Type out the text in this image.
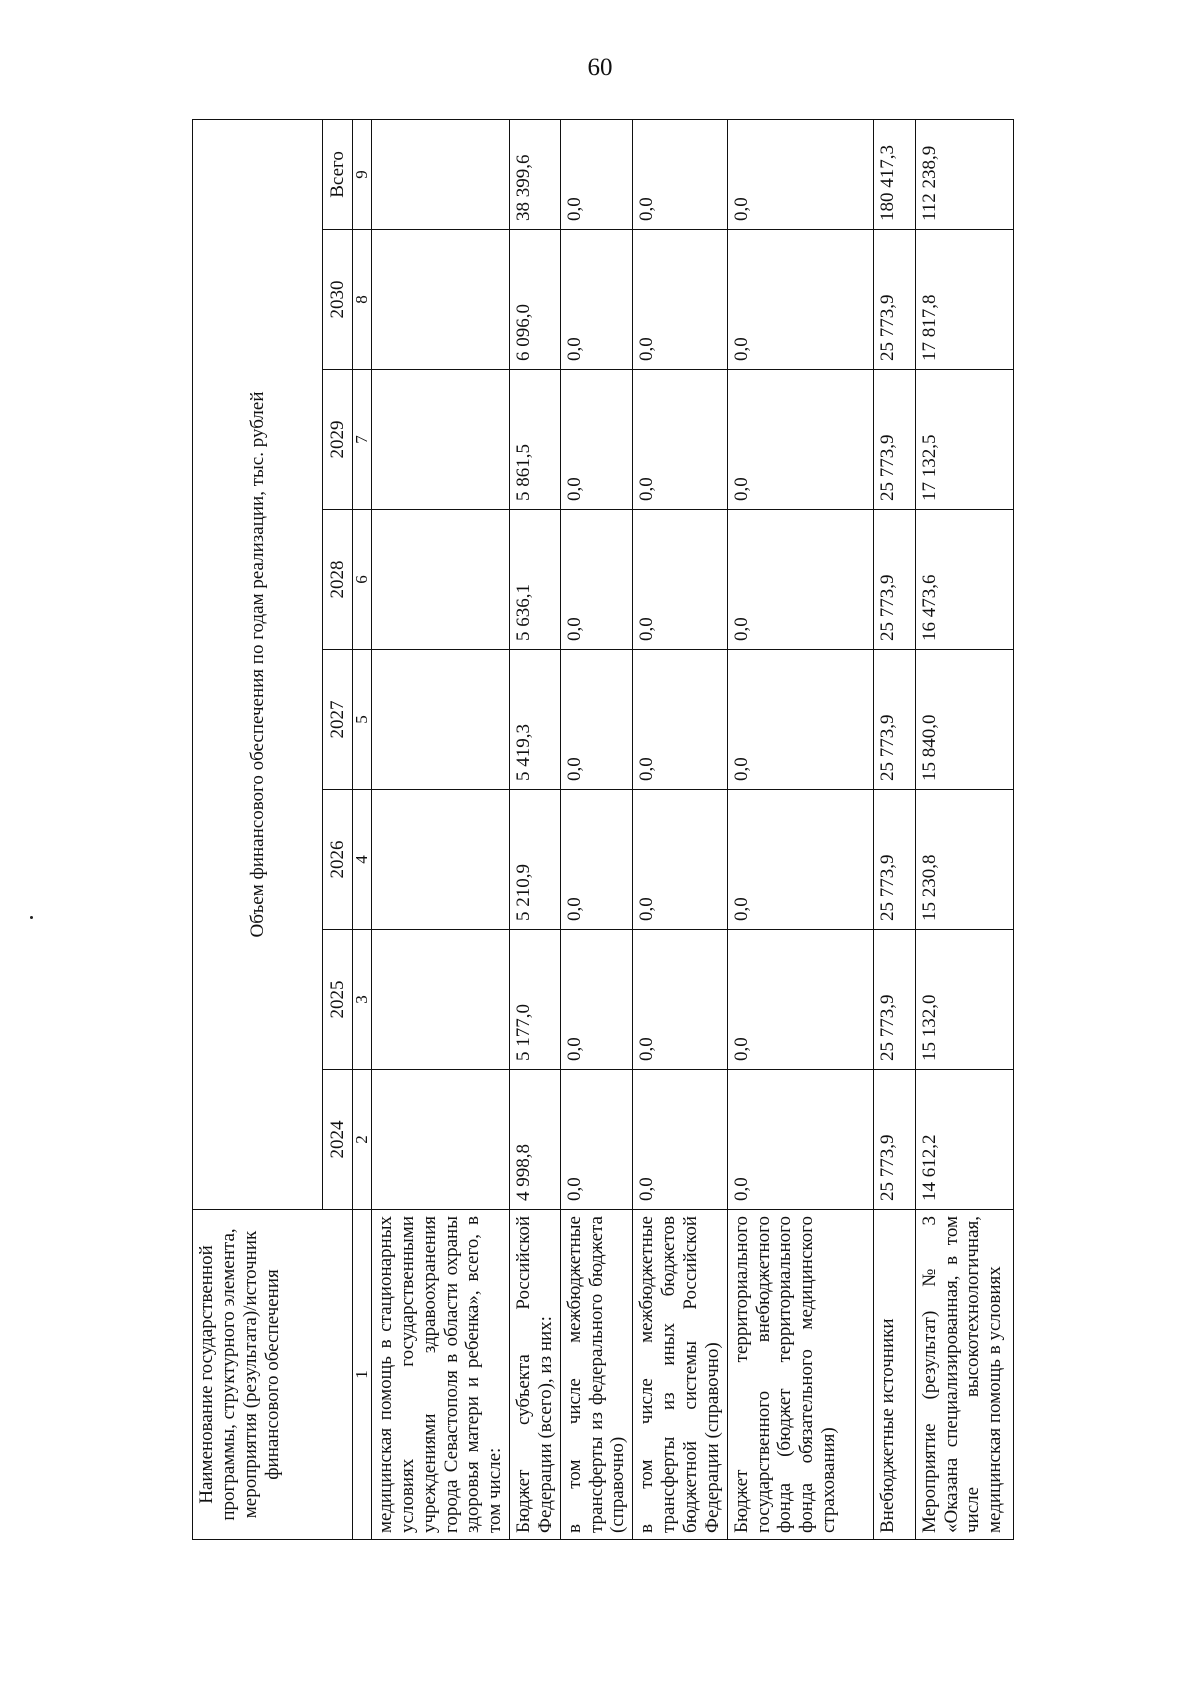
60
Наименование государственной программы, структурного элемента, мероприятия (результата)/источник финансового обеспечения	Объем финансового обеспечения по годам реализации, тыс. рублей							
	2024	2025	2026	2027	2028	2029	2030	Всего
1	2	3	4	5	6	7	8	9
медицинская помощь в стационарных условиях государственными учреждениями здравоохранения города Севастополя в области охраны здоровья матери и ребенка», всего, в том числе:								
Бюджет субъекта Российской Федерации (всего), из них:	4 998,8	5 177,0	5 210,9	5 419,3	5 636,1	5 861,5	6 096,0	38 399,6
в том числе межбюджетные трансферты из федерального бюджета (справочно)	0,0	0,0	0,0	0,0	0,0	0,0	0,0	0,0
в том числе межбюджетные трансферты из иных бюджетов бюджетной системы Российской Федерации (справочно)	0,0	0,0	0,0	0,0	0,0	0,0	0,0	0,0
Бюджет территориального государственного внебюджетного фонда (бюджет территориального фонда обязательного медицинского страхования)	0,0	0,0	0,0	0,0	0,0	0,0	0,0	0,0
Внебюджетные источники	25 773,9	25 773,9	25 773,9	25 773,9	25 773,9	25 773,9	25 773,9	180 417,3
Мероприятие (результат) № 3 «Оказана специализированная, в том числе высокотехнологичная, медицинская помощь в условиях	14 612,2	15 132,0	15 230,8	15 840,0	16 473,6	17 132,5	17 817,8	112 238,9
